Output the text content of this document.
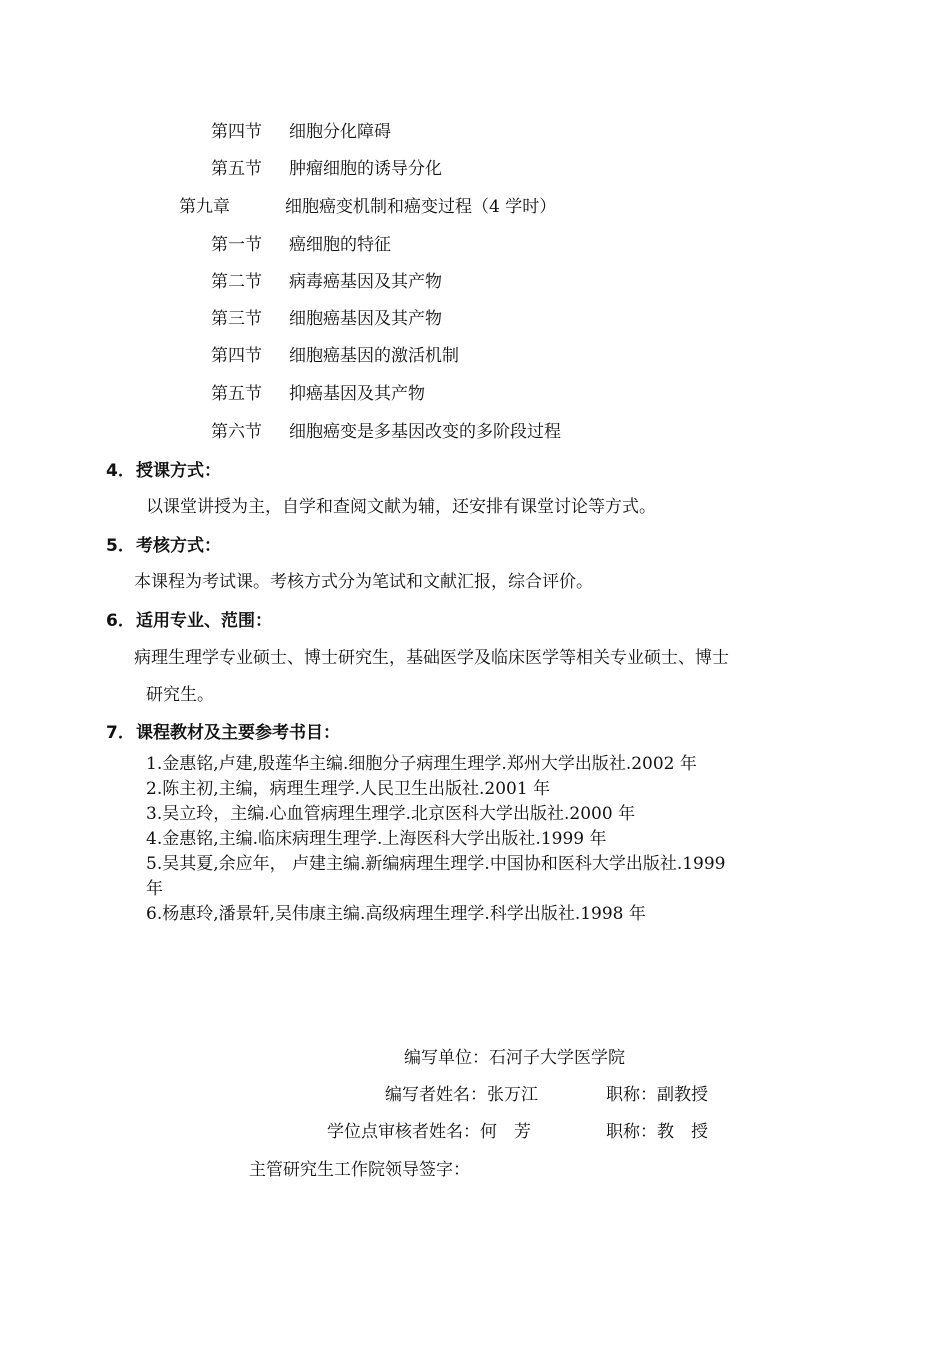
第四节 细胞分化障碍
第五节 肿瘤细胞的诱导分化
第九章	细胞癌变机制和癌变过程（4 学时）
第一节 癌细胞的特征
第二节 病毒癌基因及其产物
第三节 细胞癌基因及其产物
第四节 细胞癌基因的激活机制
第五节 抑癌基因及其产物
第六节 细胞癌变是多基因改变的多阶段过程
4．授课方式：
以课堂讲授为主，自学和查阅文献为辅，还安排有课堂讨论等方式。
5．考核方式：
本课程为考试课。考核方式分为笔试和文献汇报，综合评价。
6．适用专业、范围：
病理生理学专业硕士、博士研究生，基础医学及临床医学等相关专业硕士、博士
研究生。
7．课程教材及主要参考书目：
1.金惠铭,卢建,殷莲华主编.细胞分子病理生理学.郑州大学出版社.2002 年
2.陈主初,主编，病理生理学.人民卫生出版社.2001 年
3.吴立玲，主编.心血管病理生理学.北京医科大学出版社.2000 年
4.金惠铭,主编.临床病理生理学.上海医科大学出版社.1999 年
5.吴其夏,余应年， 卢建主编.新编病理生理学.中国协和医科大学出版社.1999
年
6.杨惠玲,潘景轩,吴伟康主编.高级病理生理学.科学出版社.1998 年
编写单位：石河子大学医学院
编写者姓名：张万江	职称：副教授
学位点审核者姓名：何　芳	职称：教　授
主管研究生工作院领导签字：
